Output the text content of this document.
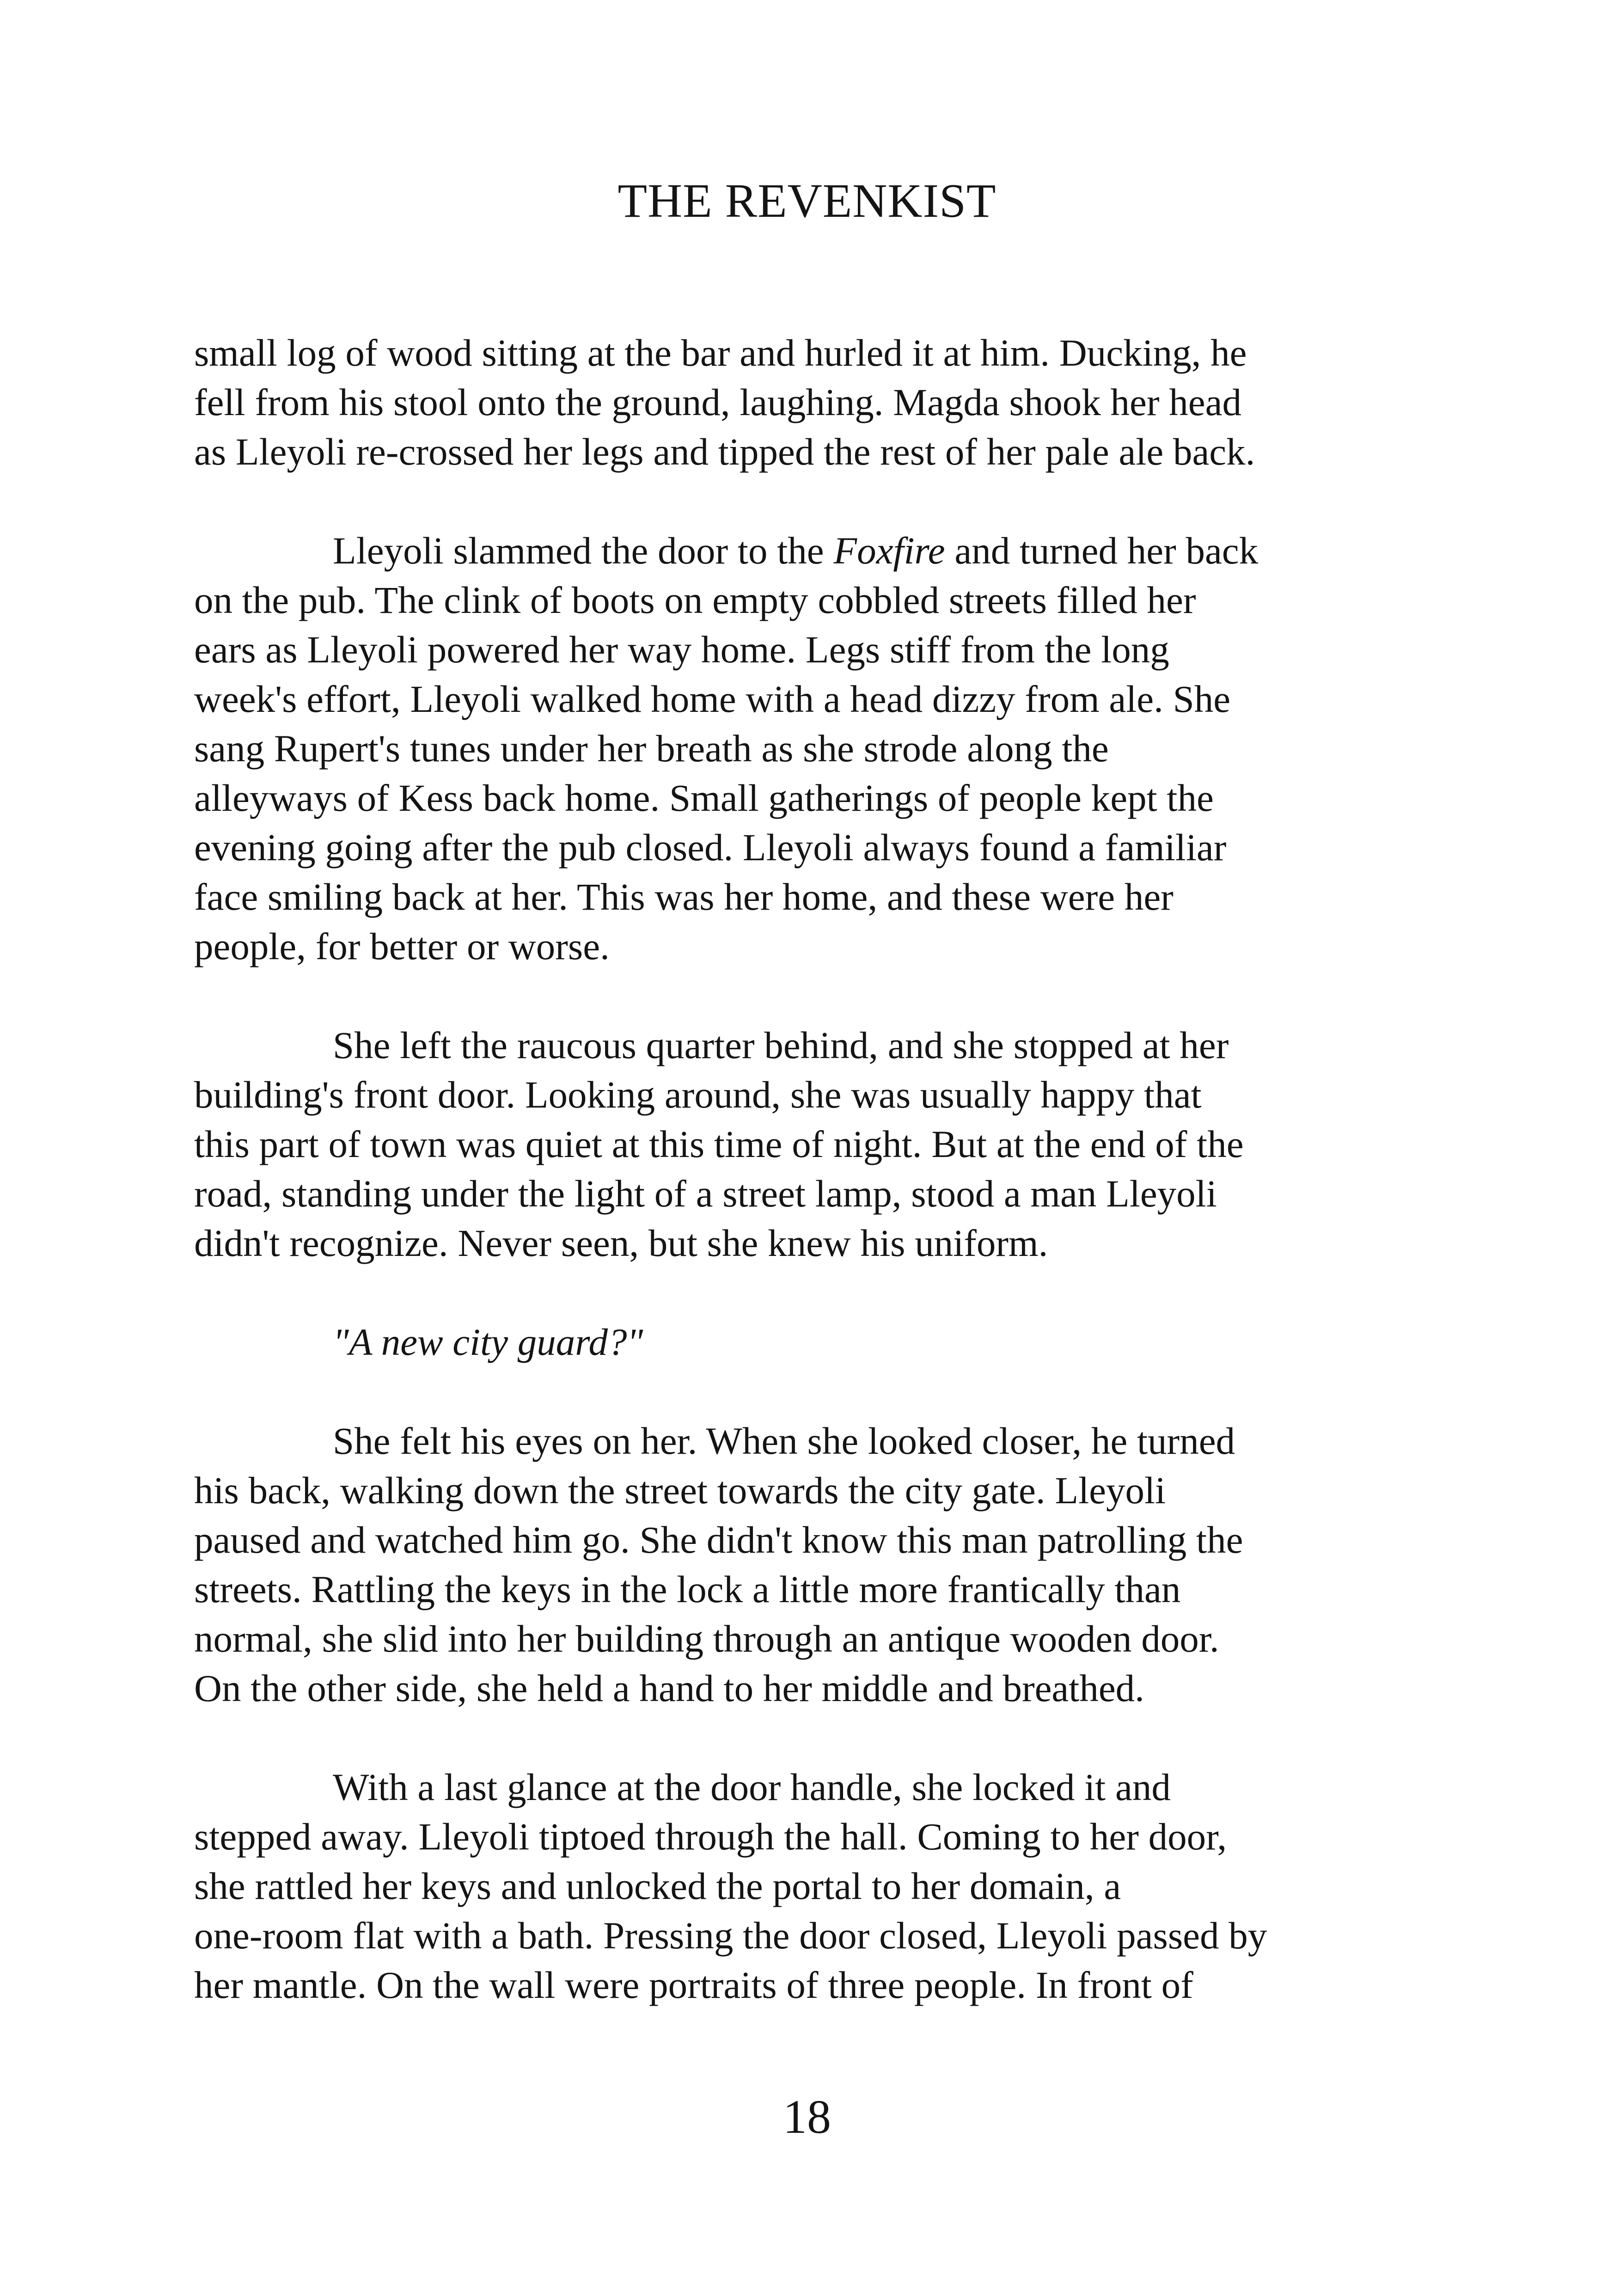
THE REVENKIST

small log of wood sitting at the bar and hurled it at him. Ducking, he
fell from his stool onto the ground, laughing. Magda shook her head
as Lleyoli re-crossed her legs and tipped the rest of her pale ale back.

Lleyoli slammed the door to the Foxfire and turned her back
on the pub. The clink of boots on empty cobbled streets filled her
ears as Lleyoli powered her way home. Legs stiff from the long
week's effort, Lleyoli walked home with a head dizzy from ale. She
sang Rupert's tunes under her breath as she strode along the
alleyways of Kess back home. Small gatherings of people kept the
evening going after the pub closed. Lleyoli always found a familiar
face smiling back at her. This was her home, and these were her
people, for better or worse.

She left the raucous quarter behind, and she stopped at her
building's front door. Looking around, she was usually happy that
this part of town was quiet at this time of night. But at the end of the
road, standing under the light of a street lamp, stood a man Lleyoli
didn't recognize. Never seen, but she knew his uniform.

"A new city guard?"

She felt his eyes on her. When she looked closer, he turned
his back, walking down the street towards the city gate. Lleyoli
paused and watched him go. She didn't know this man patrolling the
streets. Rattling the keys in the lock a little more frantically than
normal, she slid into her building through an antique wooden door.
On the other side, she held a hand to her middle and breathed.

With a last glance at the door handle, she locked it and
stepped away. Lleyoli tiptoed through the hall. Coming to her door,
she rattled her keys and unlocked the portal to her domain, a
one-room flat with a bath. Pressing the door closed, Lleyoli passed by
her mantle. On the wall were portraits of three people. In front of

18
